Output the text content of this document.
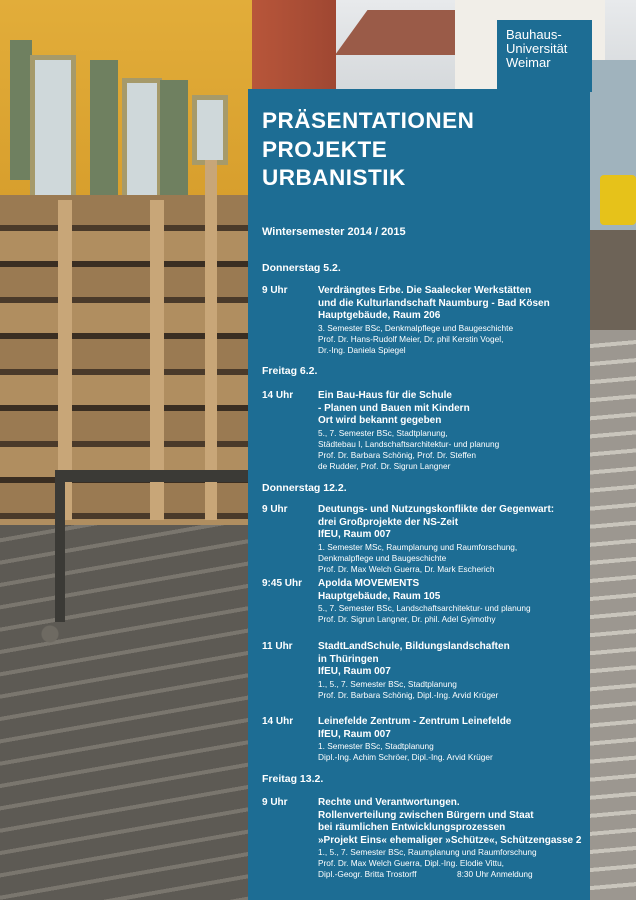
Bauhaus-
Universität
Weimar
PRÄSENTATIONEN
PROJEKTE
URBANISTIK
Wintersemester 2014 / 2015
Donnerstag 5.2.
9 Uhr	Verdrängtes Erbe. Die Saalecker Werkstätten
und die Kulturlandschaft Naumburg - Bad Kösen
Hauptgebäude, Raum 206
3. Semester BSc, Denkmalpflege und Baugeschichte
Prof. Dr. Hans-Rudolf Meier, Dr. phil Kerstin Vogel,
Dr.-Ing. Daniela Spiegel
Freitag 6.2.
14 Uhr Ein Bau-Haus für die Schule
- Planen und Bauen mit Kindern
Ort wird bekannt gegeben
5., 7. Semester BSc, Stadtplanung,
Städtebau I, Landschaftsarchitektur- und planung
Prof. Dr. Barbara Schönig, Prof. Dr. Steffen
de Rudder, Prof. Dr. Sigrun Langner
Donnerstag 12.2.
9 Uhr	Deutungs- und Nutzungskonflikte der Gegenwart:
drei Großprojekte der NS-Zeit
IfEU, Raum 007
1. Semester MSc, Raumplanung und Raumforschung,
Denkmalpflege und Baugeschichte
Prof. Dr. Max Welch Guerra, Dr. Mark Escherich
9:45 Uhr Apolda MOVEMENTS
Hauptgebäude, Raum 105
5., 7. Semester BSc, Landschaftsarchitektur- und planung
Prof. Dr. Sigrun Langner, Dr. phil. Adel Gyimothy
11 Uhr	StadtLandSchule, Bildungslandschaften
in Thüringen
IfEU, Raum 007
1., 5., 7. Semester BSc, Stadtplanung
Prof. Dr. Barbara Schönig, Dipl.-Ing. Arvid Krüger
14 Uhr Leinefelde Zentrum - Zentrum Leinefelde
IfEU, Raum 007
1. Semester BSc, Stadtplanung
Dipl.-Ing. Achim Schröer, Dipl.-Ing. Arvid Krüger
Freitag 13.2.
9 Uhr	Rechte und Verantwortungen.
Rollenverteilung zwischen Bürgern und Staat
bei räumlichen Entwicklungsprozessen
»Projekt Eins« ehemaliger »Schütze«, Schützengasse 2
1., 5., 7. Semester BSc, Raumplanung und Raumforschung
Prof. Dr. Max Welch Guerra, Dipl.-Ing. Elodie Vittu,
Dipl.-Geogr. Britta Trostorff	8:30 Uhr Anmeldung
